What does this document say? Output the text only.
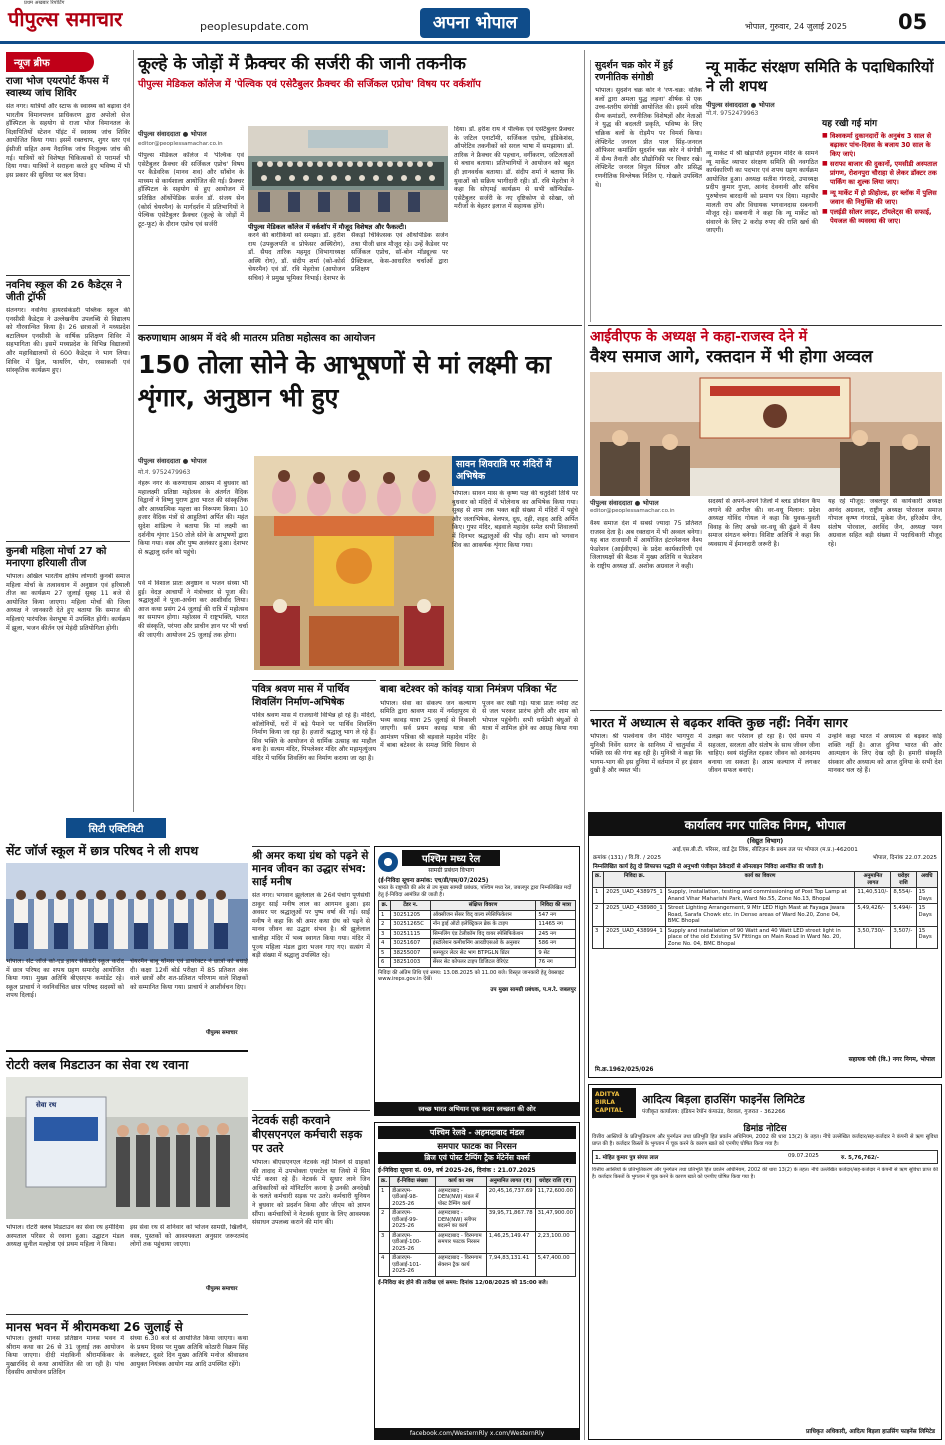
पीपुल्स समाचार
प्रथम अखबार रिपोर्टिंग
peoplesupdate.com	अपना भोपाल	भोपाल, गुरुवार, 24 जुलाई 2025 05
न्यूज ब्रीफ
राजा भोज एयरपोर्ट कैंपस में स्वास्थ्य जांच शिविर
संत नगर। यात्रियों और स्टाफ के स्वास्थ्य को बढ़ावा देने भारतीय विमानपत्तन प्राधिकरण द्वारा अपोलो सेज हॉस्पिटल के सहयोग से राजा भोज विमानतल के विज्ञापितियों स्टेशन पॉइंट में स्वास्थ्य जांच शिविर आयोजित किया गया। इसमें रक्तचाप, शुगर स्तर एवं ईसीजी सहित अन्य नैदानिक जांच निःशुल्क जांच की गई। यात्रियों को विशेषज्ञ चिकित्सकों से परामर्श भी दिया गया। यात्रियों ने सराहना करते हुए भविष्य में भी इस प्रकार की सुविधा पर बल दिया।
नवनिध स्कूल की 26 कैडेट्स ने जीती ट्रॉफी
संतनगर। नवनिध हायरसेकंडरी पब्लिक स्कूल की एनसीसी कैडेट्स ने उल्लेखनीय उपलब्धि से विद्यालय को गौरवान्वित किया है। 26 छात्राओं ने मध्यप्रदेश बटालियन एनसीसी के वार्षिक प्रशिक्षण शिविर में सहभागिता की। इसमें मध्यप्रदेश के विभिन्न विद्यालयों और महाविद्यालयों से 600 कैडेट्स ने भाग लिया। शिविर में ड्रिल, फायरिंग, योग, रस्साकशी एवं सांस्कृतिक कार्यक्रम हुए।
कुनबी महिला मोर्चा 27 को मनाएगा हरियाली तीज
भोपाल। अखिल भारतीय क्षत्रिय लोणारी कुनबी समाज महिला मोर्चा के तत्वावधान में अनुष्ठान एवं हरियाली तीज का कार्यक्रम 27 जुलाई सुबह 11 बजे से आयोजित किया जाएगा। महिला मोर्चा की जिला अध्यक्ष ने जानकारी देते हुए बताया कि समाज की महिलाएं पारंपरिक वेशभूषा में उपस्थित होंगी। कार्यक्रम में झूला, भजन कीर्तन एवं मेहंदी प्रतियोगिता होगी।
कूल्हे के जोड़ों में फ्रैक्चर की सर्जरी की जानी तकनीक
पीपुल्स मेडिकल कॉलेज में 'पेल्विक एवं एसेटैबुलर फ्रैक्चर की सर्जिकल एप्रोच' विषय पर वर्कशॉप
पीपुल्स संवाददाता ● भोपाल
editor@peoplessamachar.co.in
पीपुल्स मेडिकल कॉलेज में वर्कशॉप में मौजूद विशेषज्ञ और फैकल्टी।
पीपुल्स मेडिकल कॉलेज में 'पेल्विक एवं एसेटैबुलर फ्रैक्चर की सर्जिकल एप्रोच' विषय पर कैडेवरिक (मानव शव) और सॉबोन के माध्यम से कार्यशाला आयोजित की गई। फ्रैक्चर हॉस्पिटल के सहयोग से हुए आयोजन में प्रतिष्ठित ऑर्थोपेडिक सर्जन डॉ. संजय सेन (कोर्स चेयरमैन) के मार्गदर्शन में प्रतिभागियों ने पेल्विक एसेटैबुलर फ्रैक्चर (कूल्हे के जोड़ों में टूट-फूट) के दौरान एप्रोच एवं सर्जरी
करने की बारीकियों को समझा। डॉ. हरीश राय (उपकुलपति व प्रोफेसर अस्थिरोग), डॉ. सैयद तारिक महमूद (विभागाध्यक्ष अस्थि रोग), डॉ. संदीप शर्मा (को-कोर्स चेयरमैन) एवं डॉ. रवि मेहरोत्रा (आयोजन सचिव) ने प्रमुख भूमिका निभाई। देशभर के सैकड़ों चिकित्सक एवं ऑर्थोपेडिक सर्जन तथा पीजी छात्र मौजूद रहे। उन्हें कैडेवर पर सर्जिकल एप्रोच, सॉ-बोन मॉड्यूल्स पर प्रैक्टिकल, केस-आधारित चर्चाओं द्वारा प्रशिक्षण
दिया। डॉ. हरीश राय ने पेल्विक एवं एसेटैबुलर फ्रैक्चर के जटिल एनाटॉमी, सर्जिकल एप्रोच, इंडिकेशंस, ऑपरेटिव तकनीकों को सरल भाषा में समझाया। डॉ. तारिक ने फ्रैक्चर की पहचान, वर्गीकरण, जटिलताओं से बचाव बताया। प्रतिभागियों ने आयोजन को बहुत ही ज्ञानवर्धक बताया। डॉ. संदीप शर्मा ने बताया कि युवाओं को सक्रिय भागीदारी रही। डॉ. रवि मेहरोत्रा ने कहा कि सोएमई कार्यक्रम से सभी कॉन्फिडेंस-एसेटैबुलर सर्जरी के नए दृष्टिकोण से सोखा, जो मरीजों के बेहतर इलाज में सहायक होंगे।
सुदर्शन चक्र कोर में हुई रणनीतिक संगोष्ठी
भोपाल। सुदर्शन चक्र कोर ने 'रण-चक्र: वर्तिक बलों द्वारा अमला युद्ध लड़ना' शीर्षक से एक उच्च-स्तरीय संगोष्ठी आयोजित की। इसमें वरिष्ठ सैन्य कमांडरों, रणनीतिक विशेषज्ञों और नेताओं ने युद्ध की बदलती प्रकृति, भविष्य के लिए चक्रिक बलों के रोड़मैप पर विमर्श किया। लेफ्टिनेंट जनरल प्रीत पाल सिंह-जनरल ऑफिसर कमांडिंग सुदर्शन चक्र कोर ने संगोष्ठी में सैन्य तैनाती और प्रौद्योगिकी पर विचार रखे। लेफ्टिनेंट जनरल विपुल सिंघल और प्रसिद्ध रणनीतिक विश्लेषक नितिन ए. गोखले उपस्थित थे।
न्यू मार्केट संरक्षण समिति के पदाधिकारियों ने ली शपथ
पीपुल्स संवाददाता ● भोपाल
मो.नं. 9752479963
न्यू मार्केट में श्री खेड़ापति हनुमान मंदिर के सामने न्यू मार्केट व्यापार संरक्षण समिति की नवगठित कार्यकारिणी का पदभार एवं शपथ ग्रहण कार्यक्रम आयोजित हुआ। अध्यक्ष सतीश गंगरादे, उपाध्यक्ष प्रदीप कुमार गुप्ता, आनंद देवनानी और सचिव पुरुषोत्तम बारदानी को प्रमाण पत्र दिया। महापौर मालती राय और विधायक भगवानदास सबनानी मौजूद रहे। सबनानी ने कहा कि न्यू मार्केट को संवारने के लिए 2 करोड़ रुपए की राशि खर्च की जाएगी।
यह रखी गई मांग
■ विश्वकर्मा दुकानदारों के अनुबंध 3 साल से बढ़ाकर पांच-दिवस के बजाय 30 साल के किए जाएं।
■ सराफा बाजार की दुकानों, एमसीडी अस्पताल प्रांगण, रोशनपुरा चौराहा से लेकर डॉक्टर तक पार्किंग का शुल्क लिया जाए।
■ न्यू मार्केट में हो फ्रीहोल्ड, हर ब्लॉक में पुलिस जवान की नियुक्ति की जाए।
■ एलईडी सोलर लाइट, टॉयलेट्स की सफाई, पेयजल की व्यवस्था की जाए।
करुणाधाम आश्रम में वंदे श्री मातरम प्रतिष्ठा महोत्सव का आयोजन
150 तोला सोने के आभूषणों से मां लक्ष्मी का शृंगार, अनुष्ठान भी हुए
पीपुल्स संवाददाता ● भोपाल
मो.नं. 9752479963
नेहरू नगर के करुणाधाम आश्रम में बुधवार को महालक्ष्मी प्रतिष्ठा महोत्सव के अंतर्गत वैदिक विद्वानों ने विष्णु पुराण द्वारा भारत की सांस्कृतिक और आध्यात्मिक महत्ता का निरूपण किया। 10 हजार वैदिक मंत्रों से आहुतियां अर्पित की। महंत सुदेश शांडिल्य ने बताया कि मां लक्ष्मी का दर्शनीय शृंगार 150 तोले सोने के आभूषणों द्वारा किया गया। वस्त्र और पुष्प अलंकार हुआ। देशभर से श्रद्धालु दर्शन को पहुंचे।
पर्व में विशाल प्रातः अनुष्ठान व भजन संध्या भी हुई। वेदज्ञ आचार्यों ने मंत्रोच्चार से पूजा की। श्रद्धालुओं ने पूजा-अर्चना कर आशीर्वाद लिया। आज कथा प्रसंग 24 जुलाई की रात्रि में महोत्सव का समापन होगा। महोत्सव में राष्ट्रभक्ति, भारत की संस्कृति, परंपरा और प्राचीन ज्ञान पर भी चर्चा की जाएगी। आयोजन 25 जुलाई तक होगा।
सावन शिवरात्रि पर मंदिरों में अभिषेक
भोपाल। सावन मास के कृष्ण पक्ष की चतुर्दशी तिथि पर बुधवार को मंदिरों में भोलेनाथ का अभिषेक किया गया। सुबह से शाम तक भक्त बड़ी संख्या में मंदिरों में पहुंचे और जलाभिषेक, बेलपत्र, दूध, दही, शहद आदि अर्पित किए। गुफा मंदिर, बड़वाले महादेव समेत सभी शिवालयों में दिनभर श्रद्धालुओं की भीड़ रही। शाम को भगवान शिव का आकर्षक शृंगार किया गया।
पवित्र श्रवण मास में पार्थिव शिवलिंग निर्माण-अभिषेक
पवित्र श्रवण मास में राजधानी विभिन्न हो रहे हैं। मंदिरों, कॉलोनियों, घरों में बड़े पैमाने पर पार्थिव शिवलिंग निर्माण किया जा रहा है। हजारों श्रद्धालु भाग ले रहे हैं। शिव भक्ति के आयोजन से धार्मिक उत्साह का माहौल बना है। सत्यम मंदिर, पिपलेश्वर मंदिर और महामृत्युंजय मंदिर में पार्थिव शिवलिंग का निर्माण कराया जा रहा है।
बाबा बटेश्वर को कांवड़ यात्रा निमंत्रण पत्रिका भेंट
भोपाल। सेवा का संकल्प जन कल्याण समिति द्वारा श्रावण मास में नर्मदापुरम से भव्य कावड़ यात्रा 25 जुलाई से निकाली जाएगी। सर्व प्रथम कावड़ यात्रा की आमंत्रण पत्रिका श्री बड़वाले महादेव मंदिर में बाबा बटेश्वर के समक्ष विधि विधान से पूजन कर रखी गई। यात्रा प्रातः नर्मदा तट से जल भरकर प्रारंभ होगी और शाम को भोपाल पहुंचेगी। सभी धर्मप्रेमी बंधुओं से यात्रा में शामिल होने का आग्रह किया गया है।
सिटी एक्टिविटी
सेंट जॉर्ज स्कूल में छात्र परिषद ने ली शपथ
भोपाल। सेंट जॉर्ज को-एड हायर सेकेंडरी स्कूल करोंद में छात्र परिषद का शपथ ग्रहण समारोह आयोजित किया गया। मुख्य अतिथि बीएसएफ कमांडेंट रहे। स्कूल प्राचार्य ने नवनिर्वाचित छात्र परिषद सदस्यों को शपथ दिलाई।
चेयरमैन बाबू थॉमस एवं डायरेक्टर ने छात्रों को बधाई दी। कक्षा 12वीं बोर्ड परीक्षा में 85 प्रतिशत अंक वाले छात्रों और शत-प्रतिशत परिणाम वाले शिक्षकों को सम्मानित किया गया। प्राचार्य ने आशीर्वचन दिए।
पीपुल्स समाचार
रोटरी क्लब मिडटाउन का सेवा रथ रवाना
सेवा रथ
भोपाल। रोटरी क्लब मिडटाउन का सेवा रथ हमीदिया अस्पताल परिसर से रवाना हुआ। उद्घाटन मंडल अध्यक्ष सुनील मल्होत्रा एवं प्रथम महिला ने किया।
इस सेवा रथ से शनिवार को भोजन सामग्री, खिलौने, वस्त्र, पुस्तकों को आवश्यकता अनुसार जरूरतमंद लोगों तक पहुंचाया जाएगा।
पीपुल्स समाचार
मानस भवन में श्रीरामकथा 26 जुलाई से
भोपाल। तुलसी मानस प्रतिष्ठान मानस भवन में श्रीराम कथा का 26 से 31 जुलाई तक आयोजन किया जाएगा। दीदी मंदाकिनी श्रीरामकिंकर के मुखारविंद से कथा आयोजित की जा रही है। पांच दिवसीय आयोजन प्रतिदिन
संध्या 6.30 बजे से आयोजित किया जाएगा। कथा के प्रथम दिवस पर मुख्य अतिथि कोठारी विक्रम सिंह कलेक्टर, दूसरे दिन मुख्य अतिथि मनोज श्रीवास्तव आयुक्त नियंत्रक आयोग मप्र आदि उपस्थित रहेंगे।
श्री अमर कथा ग्रंथ को पढ़ने से मानव जीवन का उद्धार संभव: साईं मनीष
संत नगर। भगवान झूलेलाल के 26वें पंचांग पूर्णसंघी ठाकुर साईं मनीष लाल का आगमन हुआ। इस अवसर पर श्रद्धालुओं पर पुष्प वर्षा की गई। साईं मनीष ने कहा कि श्री अमर कथा ग्रंथ को पढ़ने से मानव जीवन का उद्धार संभव है। श्री झूलेलाल चालीहा मंदिर में भव्य स्वागत किया गया। मंदिर में पूज्य महिला मंडल द्वारा भजन गाए गए। सत्संग में बड़ी संख्या में श्रद्धालु उपस्थित रहे।
नेटवर्क सही करवाने बीएसएनएल कर्मचारी सड़क पर उतरे
भोपाल। बीएसएनएल नेटवर्क नहीं मिलने से ग्राहकों की तादाद में उपभोक्ता एयरटेल या जियो में सिम पोर्ट करवा रहे हैं। नेटवर्क में सुधार लाने जिन अधिकारियों को मॉनिटरिंग करना है उनकी अनदेखी के चलते कर्मचारी सड़क पर उतरे। कर्मचारी यूनियन ने बुधवार को प्रदर्शन किया और जीएम को ज्ञापन सौंपा। कर्मचारियों ने नेटवर्क सुधार के लिए आवश्यक संसाधन उपलब्ध कराने की मांग की।
पश्चिम मध्य रेल
सामग्री प्रबंधन विभाग
(ई-निविदा सूचना क्रमांक: एच/डी/एस/07/2025)
भारत के राष्ट्रपति की ओर से उप मुख्य सामग्री प्रबंधक, पश्चिम मध्य रेल, जबलपुर द्वारा निम्नलिखित मदों हेतु ई-निविदा आमंत्रित की जाती है।
क्र.	टेंडर न.	संक्षिप्त विवरण	निविदा की मात्रा
1	30251205	ऑक्सीजन सेंसर विद् वाल्व स्पेसिफिकेशन	547 नग
2	30251265C	नॉन ड्राई ऑटो इलेक्ट्रिकल ब्रेक के टाइप	11465 नग
3	30251115	सिग्नलिंग एंड टेलीकॉम विद् वायर स्पेसिफिकेशन	245 नग
4	30251607	इंस्टॉलेशन कमीशनिंग आरडीएसओ के अनुसार	586 नग
5	38255007	कम्प्यूटर लेटर सेट भाग BTPGLN प्रिंटर	9 सेट
6	38251003	सेंसर सेट कोपलर टाइप डिजिटल वेरिएंट	76 नग
निविदा की अंतिम तिथि एवं समय: 13.08.2025 को 11.00 बजे। विस्तृत जानकारी हेतु वेबसाइट www.ireps.gov.in देखें।
उप मुख्य सामग्री प्रबंधक, प.म.रे. जबलपुर
स्वच्छ भारत अभियान एक कदम स्वच्छता की ओर
पश्चिम रेलवे - अहमदाबाद मंडल
समपार फाटक का निरसन
ब्रिज एवं पोस्ट टैम्पिंग ट्रैक मेंटेनेंस वर्क्स
ई-निविदा सूचना सं. 09, वर्ष 2025-26, दिनांक : 21.07.2025
क्र.	ई-निविदा संख्या	कार्य का नाम	अनुमानित लागत (₹)	धरोहर राशि (₹)
1	डीआरएम-एडीआई-98-2025-26	अहमदाबाद - DEN(NW) मंडल में पोस्ट टैम्पिंग कार्य	20,45,16,737.69	11,72,600.00
2	डीआरएम-एडीआई-99-2025-26	अहमदाबाद - DEN(NW) स्लीपर बदलने का कार्य	39,95,71,867.78	31,47,900.00
3	डीआरएम-एडीआई-100-2025-26	अहमदाबाद - विरमगाम समपार फाटक निरसन	1,46,25,149.47	2,23,100.00
4	डीआरएम-एडीआई-101-2025-26	अहमदाबाद - विरमगाम सेक्शन ट्रैक कार्य	7,94,83,131.41	5,47,400.00
ई-निविदा बंद होने की तारीख एवं समय: दिनांक 12/08/2025 को 15:00 बजे।
facebook.com/WesternRly x.com/WesternRly
आईवीएफ के अध्यक्ष ने कहा-राजस्व देने में
वैश्य समाज आगे, रक्तदान में भी होगा अव्वल
पीपुल्स संवाददाता ● भोपाल
editor@peoplessamachar.co.in
वैश्य समाज देश में सबसे ज्यादा 75 प्रतिशत राजस्व देता है। अब रक्तदान में भी अव्वल बनेगा। यह बात राजधानी में आयोजित इंटरनेशनल वैश्य फेडरेशन (आईवीएफ) के प्रदेश कार्यकारिणी एवं जिलाध्यक्षों की बैठक में मुख्य अतिथि व फेडरेशन के राष्ट्रीय अध्यक्ष डॉ. अशोक अग्रवाल ने कही।
सदस्यों से अपने-अपने जिलों में ब्लड डोनेशन कैंप लगाने की अपील की। वर-वधू मिलान: प्रदेश अध्यक्ष गोविंद गोयल ने कहा कि युवक-युवती विवाह के लिए अच्छे वर-वधू की ढूंढने में वैश्य समाज संगठन बनेगा। विशिष्ट अतिथि ने कहा कि व्यवसाय में ईमानदारी जरूरी है।
यह रहे मौजूद: जबलपुर से कार्यकारी अध्यक्ष आनंद अग्रवाल, राष्ट्रीय अध्यक्ष पोरवाल समाज गोपाल कृष्ण गंगराडे, मुकेश जैन, हरिओम जैन, संतोष पोरवाल, अरविंद जैन, अध्यक्ष पवन अग्रवाल सहित बड़ी संख्या में पदाधिकारी मौजूद रहे।
भारत में अध्यात्म से बढ़कर शक्ति कुछ नहीं: निर्वेग सागर
भोपाल। श्री पार्श्वनाथ जैन मंदिर भागपुरा में मुनिश्री निर्वेग सागर के सानिध्य में चातुर्मास में भक्ति रस की गंगा बह रही है। मुनिश्री ने कहा कि भागम-भाग की इस दुनिया में वर्तमान में हर इंसान दुखी है और व्यस्त भी।
उलझा कर परेशान हो रहा है। ऐसे समय में सहजता, सरलता और संतोष के साथ जीवन जीना चाहिए। स्वयं संतुलित रहकर जीवन को आनंदमय बनाया जा सकता है। आत्म कल्याण में लगकर जीवन सफल बनाएं।
उन्होंने कहा भारत में अध्यात्म से बढ़कर कोई शक्ति नहीं है। आज दुनिया भारत की ओर आत्मज्ञान के लिए देख रही है। हमारी संस्कृति संस्कार और अध्यात्म को आज दुनिया के सभी देश मानकर चल रहे हैं।
कार्यालय नगर पालिक निगम, भोपाल
(विद्युत विभाग)
आई.एस.बी.टी. परिसर, वार्ड ट्रेड लिंक, सीटिज़न के प्रथम तल पर भोपाल (म.प्र.)-462001
क्रमांक (131) / वि.वि. / 2025	भोपाल, दिनांक 22.07.2025
निम्नलिखित कार्य हेतु दो लिफाफा पद्धति से अनुभवी पंजीकृत ठेकेदारों से ऑनलाइन निविदा आमंत्रित की जाती है।
क्र.	निविदा क्र.	कार्य का विवरण	अनुमानित लागत	धरोहर राशि	अवधि
1	2025_UAD_438975_1	Supply, installation, testing and commissioning of Post Top Lamp at Anand Vihar Maharishi Park, Ward No.55, Zone No.13, Bhopal	11,40,510/-	8,554/-	15 Days
2	2025_UAD_438980_1	Street Lighting Arrangement, 9 Mtr LED High Mast at Fayaga Jwara Road, Sarafa Chowk etc. in Dense areas of Ward No.20, Zone 04, BMC Bhopal	5,49,426/-	5,494/-	15 Days
3	2025_UAD_438994_1	Supply and installation of 90 Watt and 40 Watt LED street light in place of the old Existing SV Fittings on Main Road in Ward No. 20, Zone No. 04, BMC Bhopal	3,50,730/-	3,507/-	15 Days
सहायक यंत्री (वि.) नगर निगम, भोपाल
मि.क्र.1962/025/026
ADITYA BIRLA CAPITAL
आदित्य बिड़ला हाउसिंग फाइनेंस लिमिटेड
पंजीकृत कार्यालय: इंडियन रेयॉन कंपाउंड, वेरावल, गुजरात - 362266
डिमांड नोटिस
वित्तीय आस्तियों के प्रतिभूतिकरण और पुनर्गठन तथा प्रतिभूति हित प्रवर्तन अधिनियम, 2002 की धारा 13(2) के तहत। नीचे उल्लेखित कर्जदार/सह-कर्जदार ने कंपनी से ऋण सुविधा प्राप्त की है। कर्जदार किस्तों के भुगतान में चूक करने के कारण खाते को एनपीए घोषित किया गया है।
1. मोहित कुमार पुत्र संपत्त लाल	09.07.2025	रु. 5,76,762/-
वित्तीय आस्तियों के प्रतिभूतिकरण और पुनर्गठन तथा प्रतिभूति हित प्रवर्तन अधिनियम, 2002 की धारा 13(2) के तहत। नीचे उल्लेखित कर्जदार/सह-कर्जदार ने कंपनी से ऋण सुविधा प्राप्त की है। कर्जदार किस्तों के भुगतान में चूक करने के कारण खाते को एनपीए घोषित किया गया है।
प्राधिकृत अधिकारी, आदित्य बिड़ला हाउसिंग फाइनेंस लिमिटेड
